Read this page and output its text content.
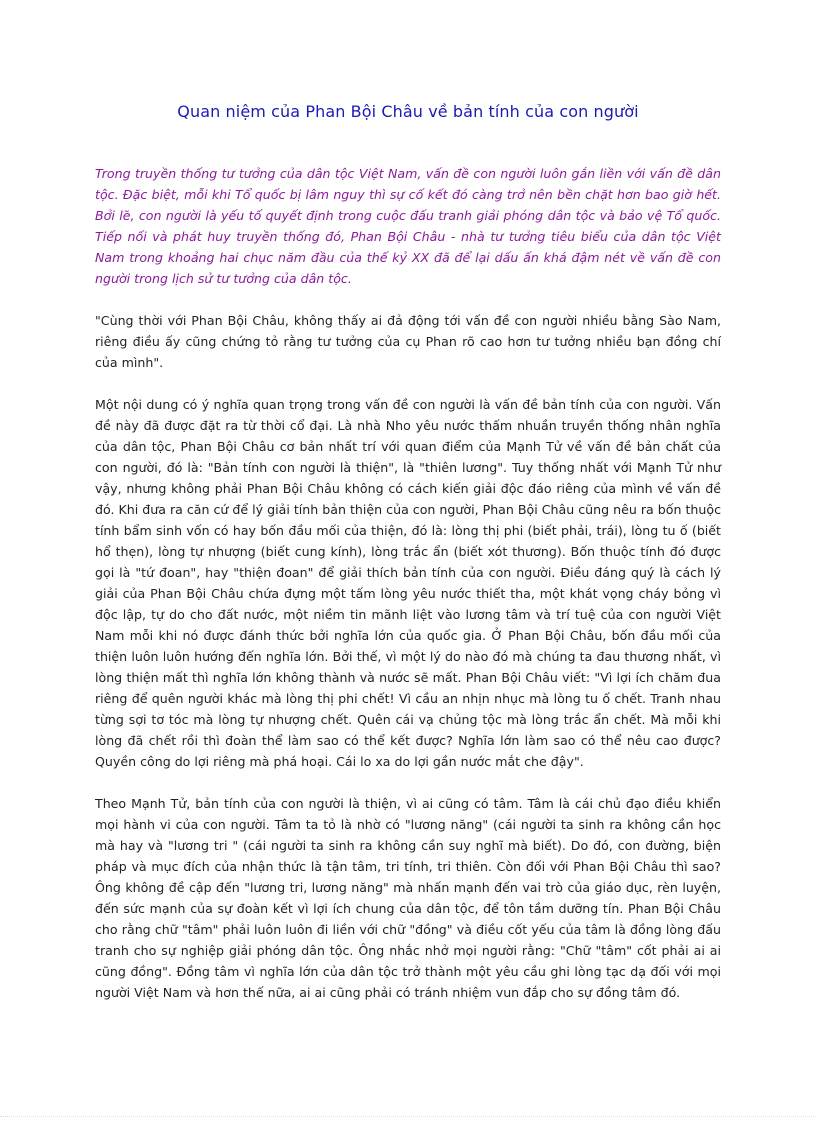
Quan niệm của Phan Bội Châu về bản tính của con người

Trong truyền thống tư tưởng của dân tộc Việt Nam, vấn đề con người luôn gắn liền với vấn đề dân tộc. Đặc biệt, mỗi khi Tổ quốc bị lâm nguy thì sự cố kết đó càng trở nên bền chặt hơn bao giờ hết. Bởi lẽ, con người là yếu tố quyết định trong cuộc đấu tranh giải phóng dân tộc và bảo vệ Tổ quốc. Tiếp nối và phát huy truyền thống đó, Phan Bội Châu - nhà tư tưởng tiêu biểu của dân tộc Việt Nam trong khoảng hai chục năm đầu của thế kỷ XX đã để lại dấu ấn khá đậm nét về vấn đề con người trong lịch sử tư tưởng của dân tộc.

"Cùng thời với Phan Bội Châu, không thấy ai đả động tới vấn đề con người nhiều bằng Sào Nam, riêng điều ấy cũng chứng tỏ rằng tư tưởng của cụ Phan rõ cao hơn tư tưởng nhiều bạn đồng chí của mình".

Một nội dung có ý nghĩa quan trọng trong vấn đề con người là vấn đề bản tính của con người. Vấn đề này đã được đặt ra từ thời cổ đại. Là nhà Nho yêu nước thấm nhuần truyền thống nhân nghĩa của dân tộc, Phan Bội Châu cơ bản nhất trí với quan điểm của Mạnh Tử về vấn đề bản chất của con người, đó là: "Bản tính con người là thiện", là "thiên lương". Tuy thống nhất với Mạnh Tử như vậy, nhưng không phải Phan Bội Châu không có cách kiến giải độc đáo riêng của mình về vấn đề đó. Khi đưa ra căn cứ để lý giải tính bản thiện của con người, Phan Bội Châu cũng nêu ra bốn thuộc tính bẩm sinh vốn có hay bốn đầu mối của thiện, đó là: lòng thị phi (biết phải, trái), lòng tu ố (biết hổ thẹn), lòng tự nhượng (biết cung kính), lòng trắc ẩn (biết xót thương). Bốn thuộc tính đó được gọi là "tứ đoan", hay "thiện đoan" để giải thích bản tính của con người. Điều đáng quý là cách lý giải của Phan Bội Châu chứa đựng một tấm lòng yêu nước thiết tha, một khát vọng cháy bỏng vì độc lập, tự do cho đất nước, một niềm tin mãnh liệt vào lương tâm và trí tuệ của con người Việt Nam mỗi khi nó được đánh thức bởi nghĩa lớn của quốc gia. Ở Phan Bội Châu, bốn đầu mối của thiện luôn luôn hướng đến nghĩa lớn. Bởi thế, vì một lý do nào đó mà chúng ta đau thương nhất, vì lòng thiện mất thì nghĩa lớn không thành và nước sẽ mất. Phan Bội Châu viết: "Vì lợi ích chăm đua riêng để quên người khác mà lòng thị phi chết! Vì cầu an nhịn nhục mà lòng tu ố chết. Tranh nhau từng sợi tơ tóc mà lòng tự nhượng chết. Quên cái vạ chủng tộc mà lòng trắc ẩn chết. Mà mỗi khi lòng đã chết rồi thì đoàn thể làm sao có thể kết được? Nghĩa lớn làm sao có thể nêu cao được? Quyền công do lợi riêng mà phá hoại. Cái lo xa do lợi gần nước mắt che đậy".

Theo Mạnh Tử, bản tính của con người là thiện, vì ai cũng có tâm. Tâm là cái chủ đạo điều khiển mọi hành vi của con người. Tâm ta tỏ là nhờ có "lương năng" (cái người ta sinh ra không cần học mà hay và "lương tri " (cái người ta sinh ra không cần suy nghĩ mà biết). Do đó, con đường, biện pháp và mục đích của nhận thức là tận tâm, tri tính, tri thiên. Còn đối với Phan Bội Châu thì sao? Ông không đề cập đến "lương tri, lương năng" mà nhấn mạnh đến vai trò của giáo dục, rèn luyện, đến sức mạnh của sự đoàn kết vì lợi ích chung của dân tộc, để tôn tầm dưỡng tín. Phan Bội Châu cho rằng chữ "tâm" phải luôn luôn đi liền với chữ "đồng" và điều cốt yếu của tâm là đồng lòng đấu tranh cho sự nghiệp giải phóng dân tộc. Ông nhắc nhở mọi người rằng: "Chữ "tâm" cốt phải ai ai cũng đồng". Đồng tâm vì nghĩa lớn của dân tộc trở thành một yêu cầu ghi lòng tạc dạ đối với mọi người Việt Nam và hơn thế nữa, ai ai cũng phải có tránh nhiệm vun đắp cho sự đồng tâm đó.
